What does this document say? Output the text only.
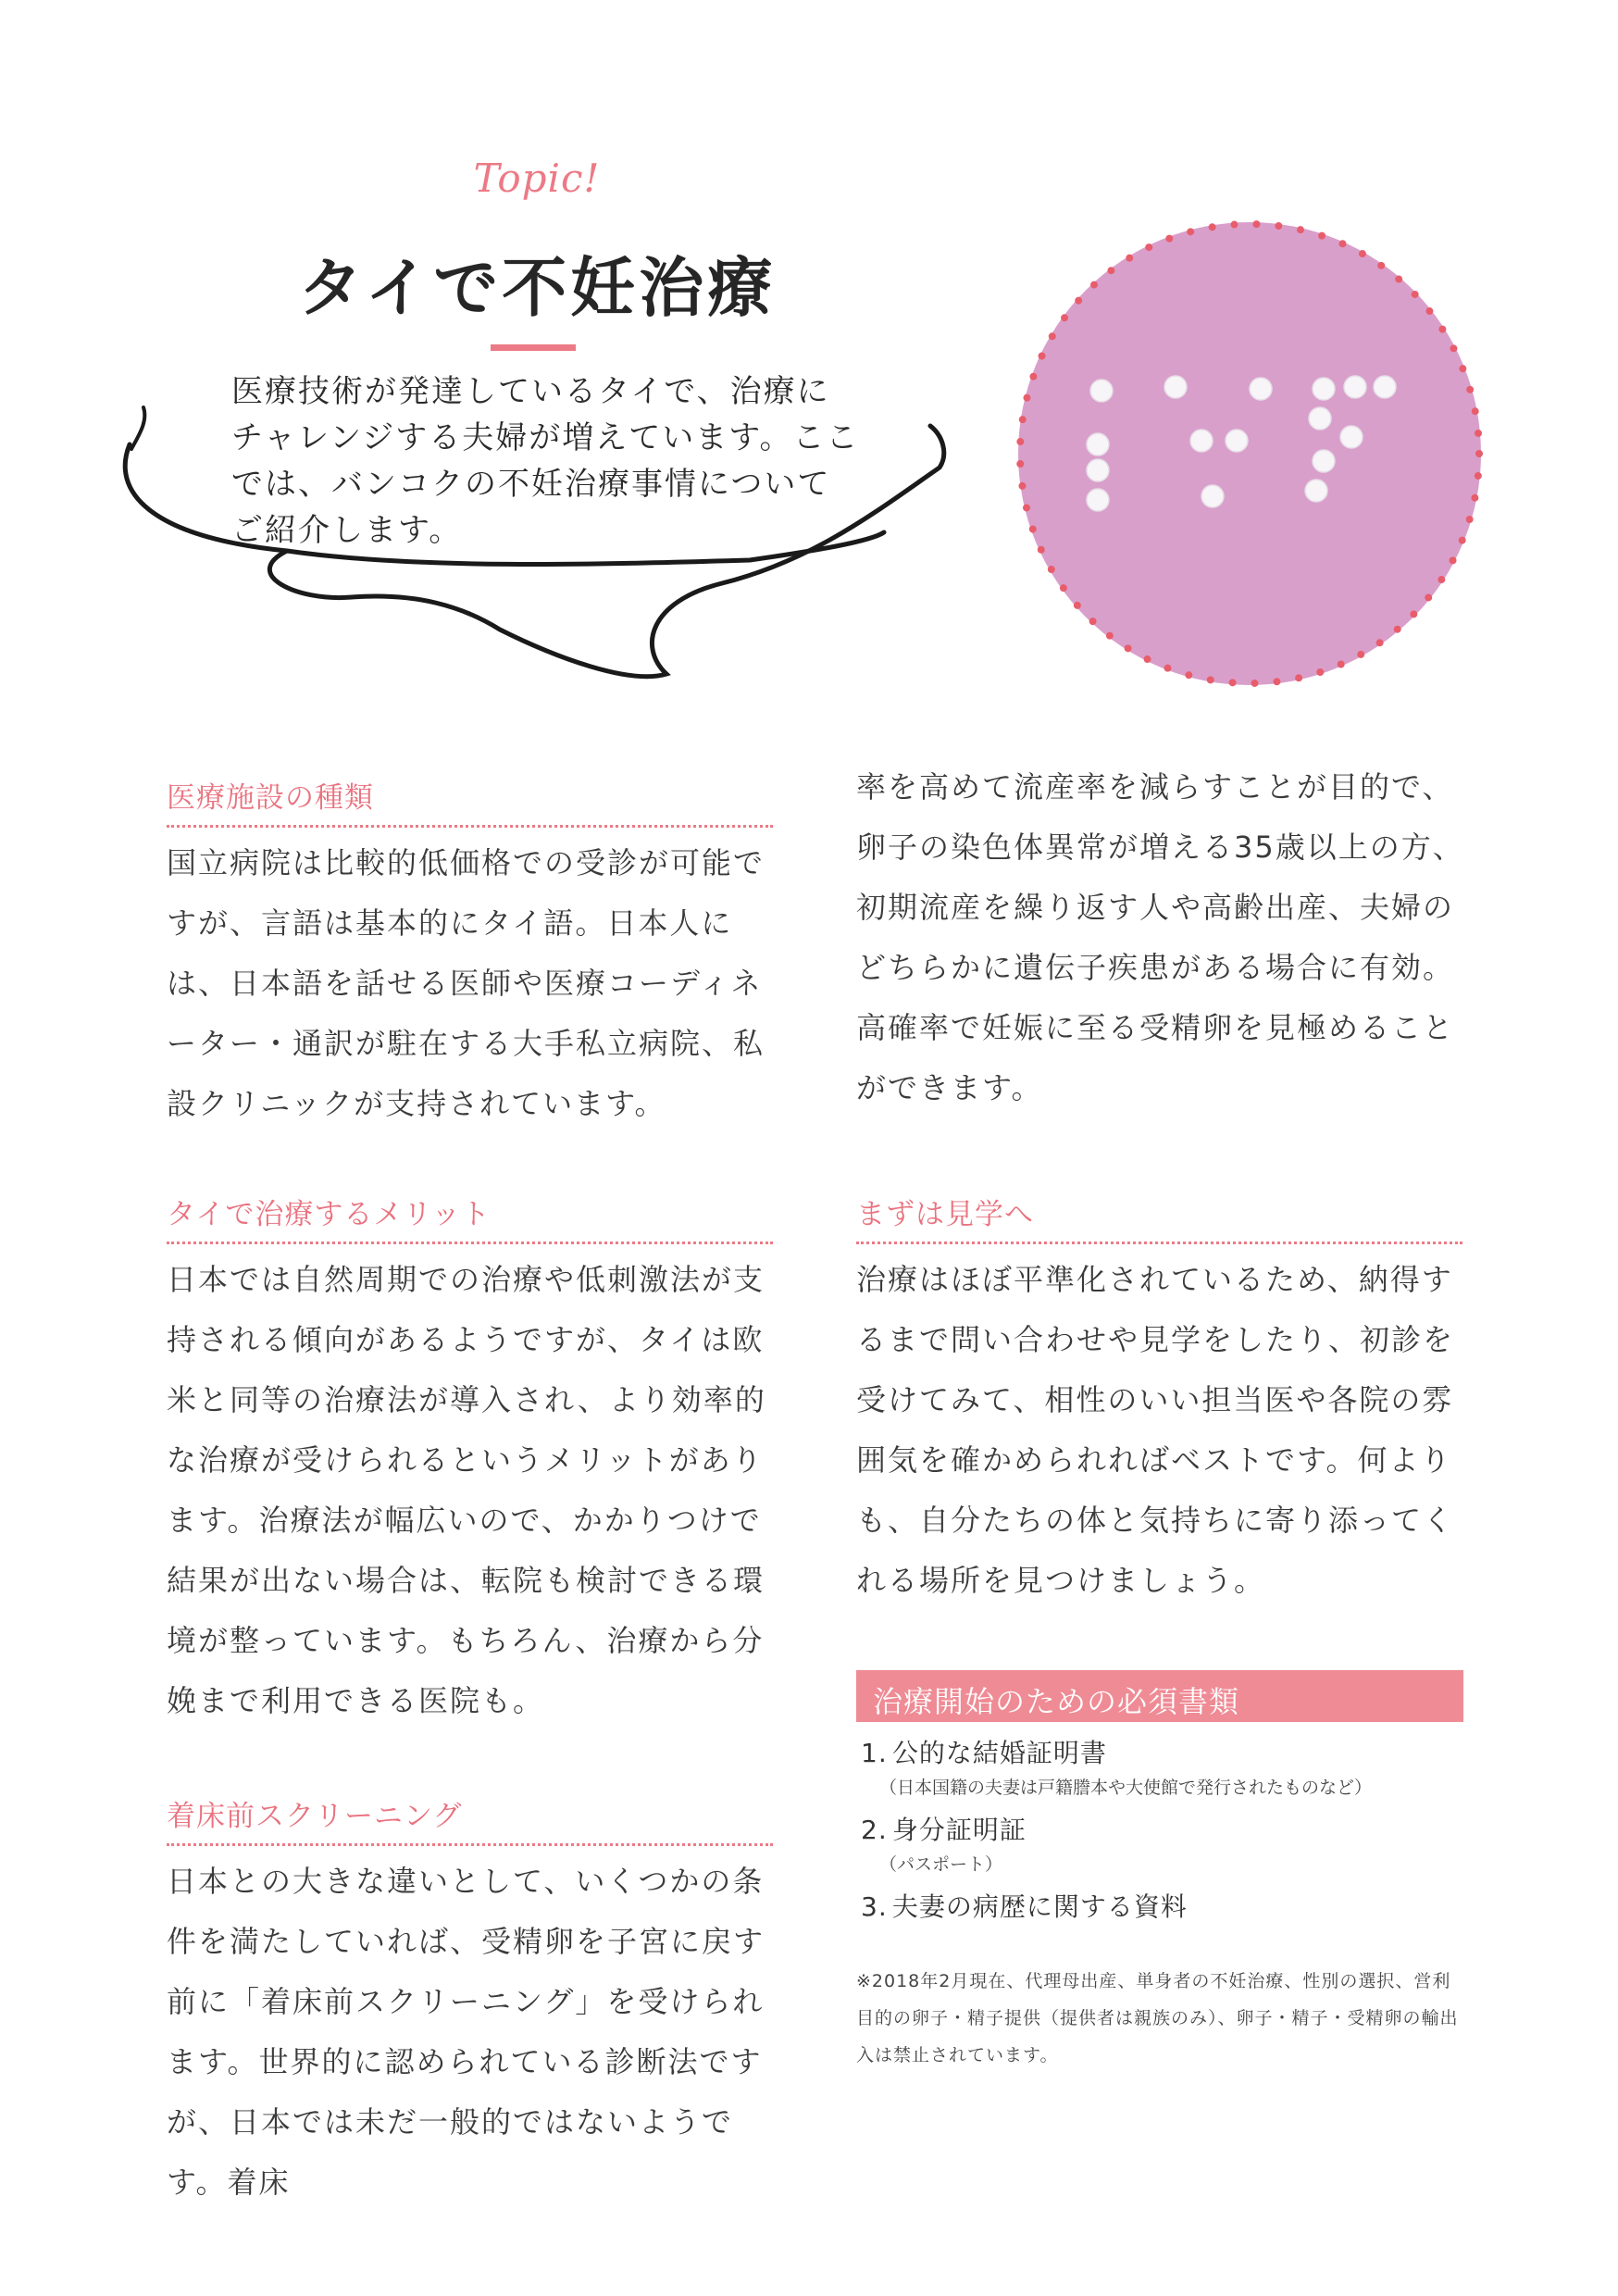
Topic!
タイで不妊治療
医療技術が発達しているタイで、治療にチャレンジする夫婦が増えています。ここでは、バンコクの不妊治療事情についてご紹介します。
医療施設の種類
国立病院は比較的低価格での受診が可能ですが、言語は基本的にタイ語。日本人には、日本語を話せる医師や医療コーディネーター・通訳が駐在する大手私立病院、私設クリニックが支持されています。
タイで治療するメリット
日本では自然周期での治療や低刺激法が支持される傾向があるようですが、タイは欧米と同等の治療法が導入され、より効率的な治療が受けられるというメリットがあります。治療法が幅広いので、かかりつけで結果が出ない場合は、転院も検討できる環境が整っています。もちろん、治療から分娩まで利用できる医院も。
着床前スクリーニング
日本との大きな違いとして、いくつかの条件を満たしていれば、受精卵を子宮に戻す前に「着床前スクリーニング」を受けられます。世界的に認められている診断法ですが、日本では未だ一般的ではないようです。着床
率を高めて流産率を減らすことが目的で、卵子の染色体異常が増える35歳以上の方、初期流産を繰り返す人や高齢出産、夫婦のどちらかに遺伝子疾患がある場合に有効。高確率で妊娠に至る受精卵を見極めることができます。
まずは見学へ
治療はほぼ平準化されているため、納得するまで問い合わせや見学をしたり、初診を受けてみて、相性のいい担当医や各院の雰囲気を確かめられればベストです。何よりも、自分たちの体と気持ちに寄り添ってくれる場所を見つけましょう。
治療開始のための必須書類
1. 公的な結婚証明書
（日本国籍の夫妻は戸籍謄本や大使館で発行されたものなど）
2. 身分証明証
（パスポート）
3. 夫妻の病歴に関する資料
※2018年2月現在、代理母出産、単身者の不妊治療、性別の選択、営利目的の卵子・精子提供（提供者は親族のみ）、卵子・精子・受精卵の輸出入は禁止されています。
